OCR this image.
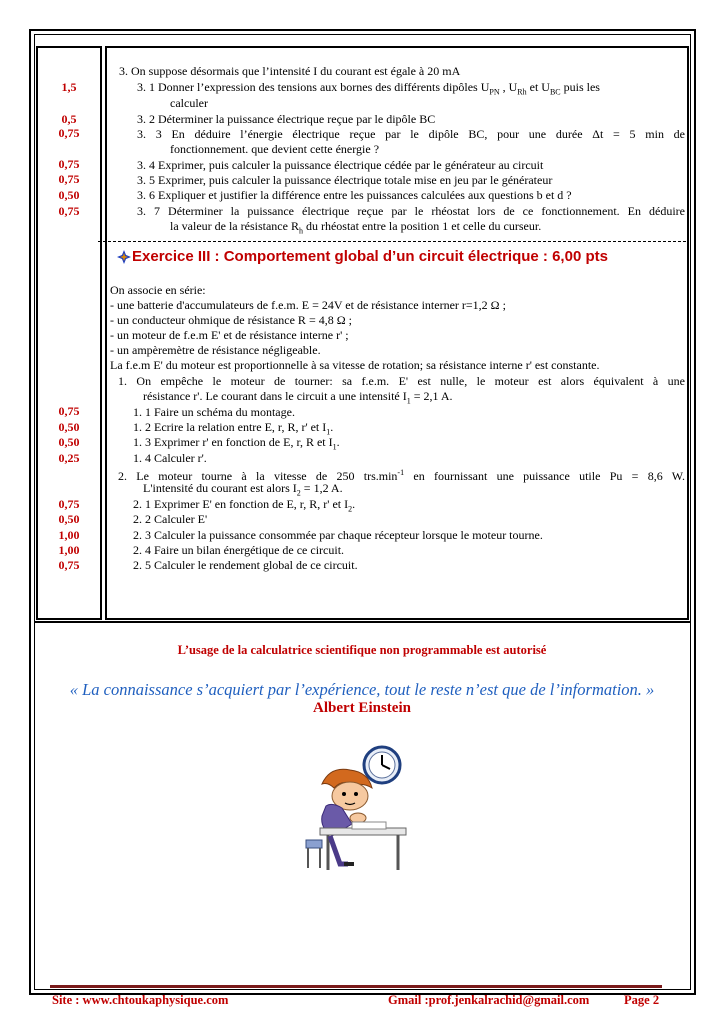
1,5
0,5
0,75
0,75
0,75
0,50
0,75
0,75
0,50
0,50
0,25
0,75
0,50
1,00
1,00
0,75
3. On suppose désormais que l’intensité I du courant est égale à 20 mA
3. 1 Donner l’expression des tensions aux bornes des différents dipôles $U_{PN}$ , $U_{Rh}$ et $U_{BC}$ puis les
calculer
3. 2 Déterminer la puissance électrique reçue par le dipôle BC
3. 3 En déduire l’énergie électrique reçue par le dipôle BC, pour une durée Δt = 5 min de
fonctionnement. que devient cette énergie ?
3. 4 Exprimer, puis calculer la puissance électrique cédée par le générateur au circuit
3. 5 Exprimer, puis calculer la puissance électrique totale mise en jeu par le générateur
3. 6 Expliquer et justifier la différence entre les puissances calculées aux questions b et d ?
3. 7 Déterminer la puissance électrique reçue par le rhéostat lors de ce fonctionnement. En déduire
la valeur de la résistance $R_h$ du rhéostat entre la position 1 et celle du curseur.
Exercice III : Comportement global d’un circuit électrique : 6,00 pts
On associe en série:
- une batterie d'accumulateurs de f.e.m. E = 24V et de résistance interner r=1,2 Ω ;
- un conducteur ohmique de résistance R = 4,8 Ω ;
- un moteur de f.e.m E' et de résistance interne r' ;
- un ampèremètre de résistance négligeable.
La f.e.m E' du moteur est proportionnelle à sa vitesse de rotation; sa résistance interne r' est constante.
1. On empêche le moteur de tourner: sa f.e.m. E' est nulle, le moteur est alors équivalent à une
résistance r'. Le courant dans le circuit a une intensité $I_1 = 2,1$ A.
1. 1 Faire un schéma du montage.
1. 2 Ecrire la relation entre E, r, R, r' et $I_1$.
1. 3 Exprimer r' en fonction de E, r, R et $I_1$.
1. 4 Calculer r'.
2. Le moteur tourne à la vitesse de 250 $trs.\min^{-1}$ en fournissant une puissance utile Pu = 8,6 W.
L'intensité du courant est alors $I_2 = 1,2$ A.
2. 1 Exprimer E' en fonction de E, r, R, r' et $I_2$.
2. 2 Calculer E'
2. 3 Calculer la puissance consommée par chaque récepteur lorsque le moteur tourne.
2. 4 Faire un bilan énergétique de ce circuit.
2. 5 Calculer le rendement global de ce circuit.
L’usage de la calculatrice scientifique non programmable est autorisé
« La connaissance s’acquiert par l’expérience, tout le reste n’est que de l’information. »
Albert Einstein
Site : www.chtoukaphysique.com	Gmail :prof.jenkalrachid@gmail.com	Page 2
